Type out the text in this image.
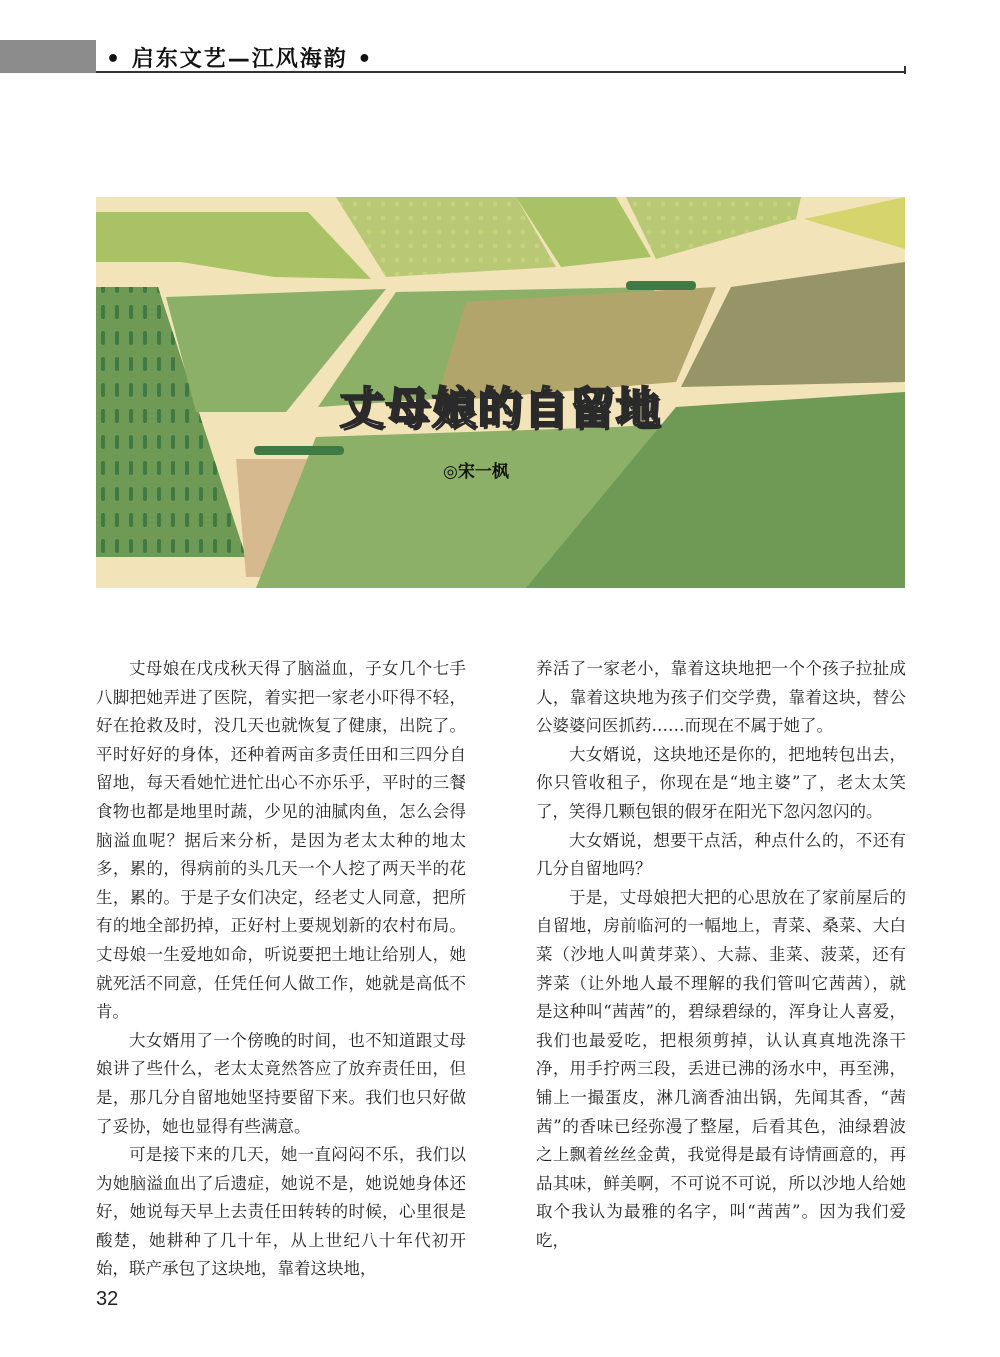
• 启东文艺—江风海韵 •
丈母娘的自留地
◎宋一枫

丈母娘在戊戌秋天得了脑溢血，子女几个七手八脚把她弄进了医院，着实把一家老小吓得不轻，好在抢救及时，没几天也就恢复了健康，出院了。平时好好的身体，还种着两亩多责任田和三四分自留地，每天看她忙进忙出心不亦乐乎，平时的三餐食物也都是地里时蔬，少见的油腻肉鱼，怎么会得脑溢血呢？据后来分析，是因为老太太种的地太多，累的，得病前的头几天一个人挖了两天半的花生，累的。于是子女们决定，经老丈人同意，把所有的地全部扔掉，正好村上要规划新的农村布局。丈母娘一生爱地如命，听说要把土地让给别人，她就死活不同意，任凭任何人做工作，她就是高低不肯。

大女婿用了一个傍晚的时间，也不知道跟丈母娘讲了些什么，老太太竟然答应了放弃责任田，但是，那几分自留地她坚持要留下来。我们也只好做了妥协，她也显得有些满意。

可是接下来的几天，她一直闷闷不乐，我们以为她脑溢血出了后遗症，她说不是，她说她身体还好，她说每天早上去责任田转转的时候，心里很是酸楚，她耕种了几十年，从上世纪八十年代初开始，联产承包了这块地，靠着这块地，

养活了一家老小，靠着这块地把一个个孩子拉扯成人，靠着这块地为孩子们交学费，靠着这块，替公公婆婆问医抓药……而现在不属于她了。

大女婿说，这块地还是你的，把地转包出去，你只管收租子，你现在是“地主婆”了，老太太笑了，笑得几颗包银的假牙在阳光下忽闪忽闪的。

大女婿说，想要干点活，种点什么的，不还有几分自留地吗？

于是，丈母娘把大把的心思放在了家前屋后的自留地，房前临河的一幅地上，青菜、桑菜、大白菜（沙地人叫黄芽菜）、大蒜、韭菜、菠菜，还有荠菜（让外地人最不理解的我们管叫它茜茜），就是这种叫“茜茜”的，碧绿碧绿的，浑身让人喜爱，我们也最爱吃，把根须剪掉，认认真真地洗涤干净，用手拧两三段，丢进已沸的汤水中，再至沸，铺上一撮蛋皮，淋几滴香油出锅，先闻其香，“茜茜”的香味已经弥漫了整屋，后看其色，油绿碧波之上飘着丝丝金黄，我觉得是最有诗情画意的，再品其味，鲜美啊，不可说不可说，所以沙地人给她取个我认为最雅的名字，叫“茜茜”。因为我们爱吃，

32
